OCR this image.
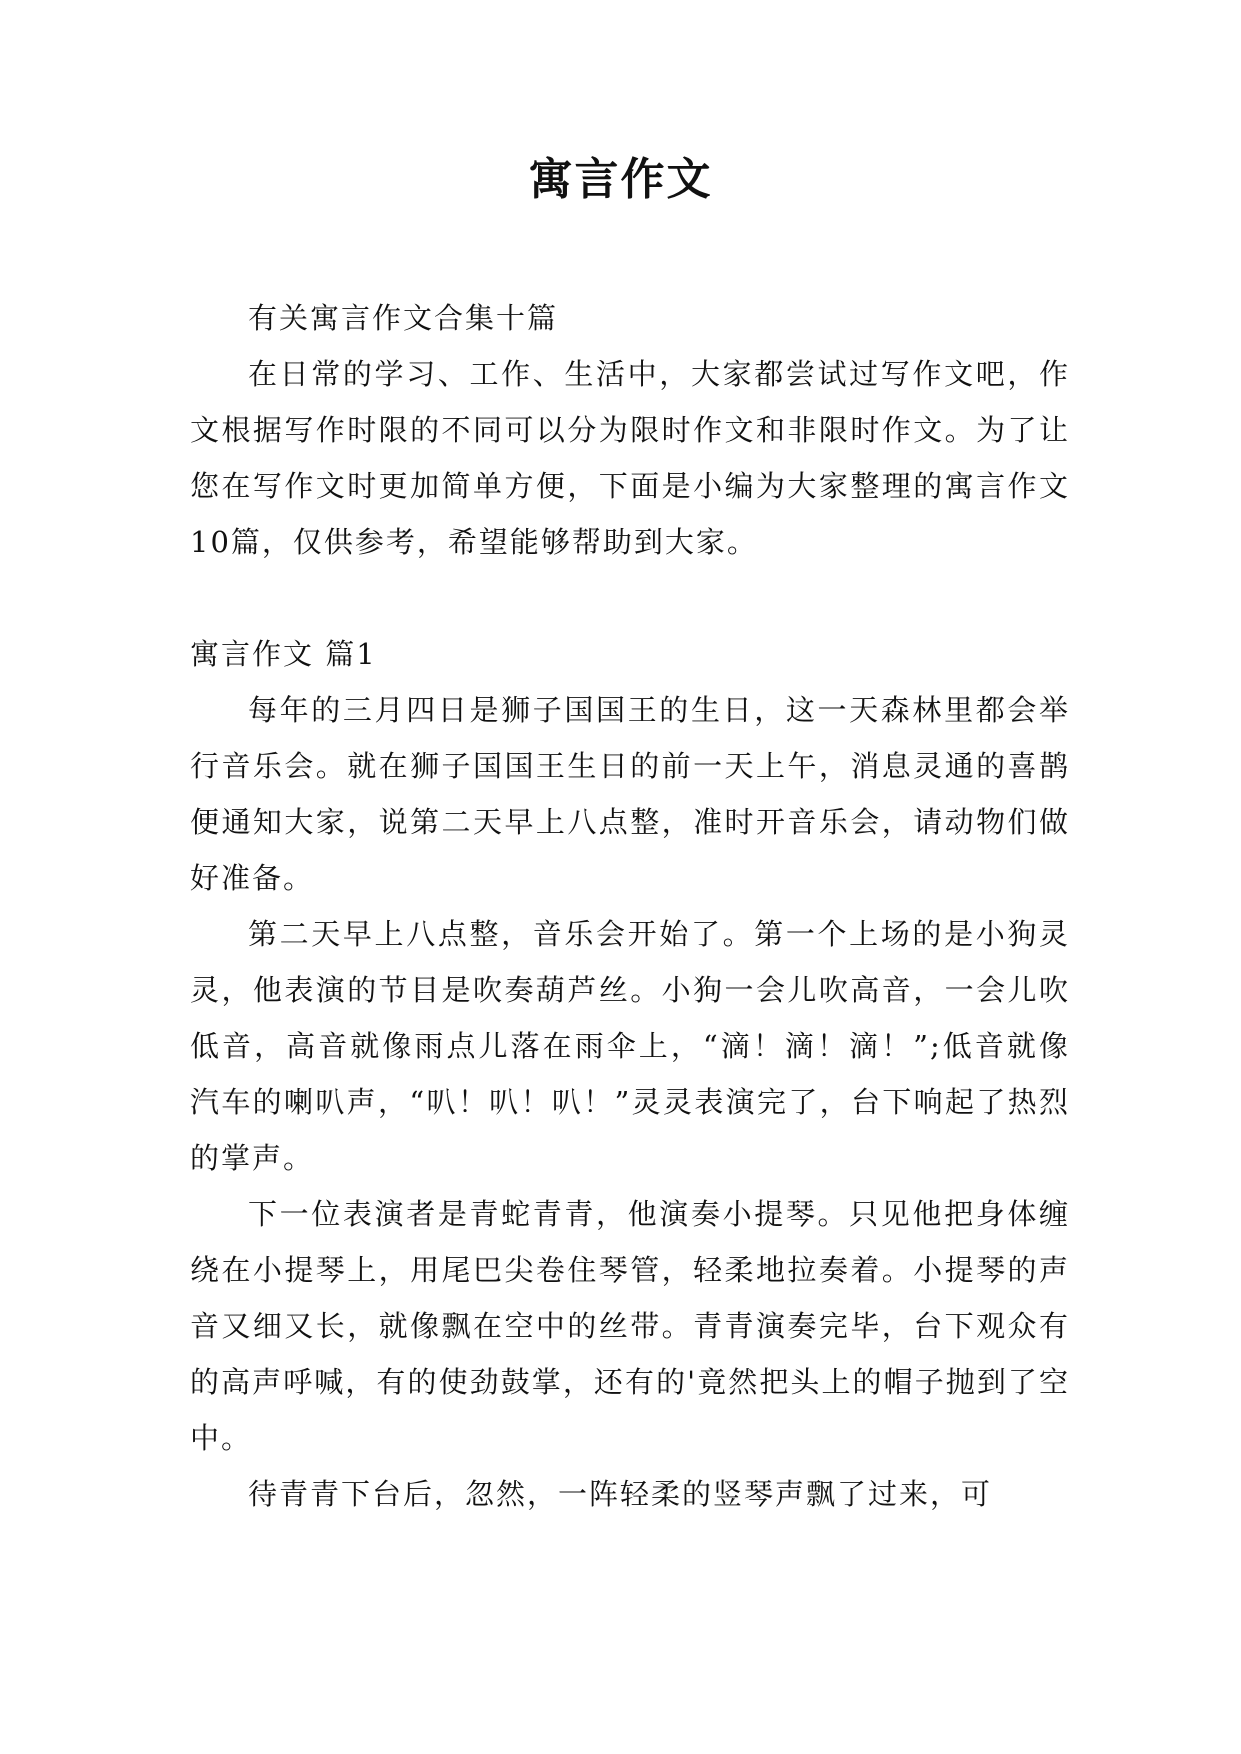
寓言作文

有关寓言作文合集十篇

在日常的学习、工作、生活中，大家都尝试过写作文吧，作文根据写作时限的不同可以分为限时作文和非限时作文。为了让您在写作文时更加简单方便，下面是小编为大家整理的寓言作文10篇，仅供参考，希望能够帮助到大家。

寓言作文 篇1

每年的三月四日是狮子国国王的生日，这一天森林里都会举行音乐会。就在狮子国国王生日的前一天上午，消息灵通的喜鹊便通知大家，说第二天早上八点整，准时开音乐会，请动物们做好准备。

第二天早上八点整，音乐会开始了。第一个上场的是小狗灵灵，他表演的节目是吹奏葫芦丝。小狗一会儿吹高音，一会儿吹低音，高音就像雨点儿落在雨伞上，“滴！滴！滴！”;低音就像汽车的喇叭声，“叭！叭！叭！”灵灵表演完了，台下响起了热烈的掌声。

下一位表演者是青蛇青青，他演奏小提琴。只见他把身体缠绕在小提琴上，用尾巴尖卷住琴管，轻柔地拉奏着。小提琴的声音又细又长，就像飘在空中的丝带。青青演奏完毕，台下观众有的高声呼喊，有的使劲鼓掌，还有的'竟然把头上的帽子抛到了空中。

待青青下台后，忽然，一阵轻柔的竖琴声飘了过来，可
